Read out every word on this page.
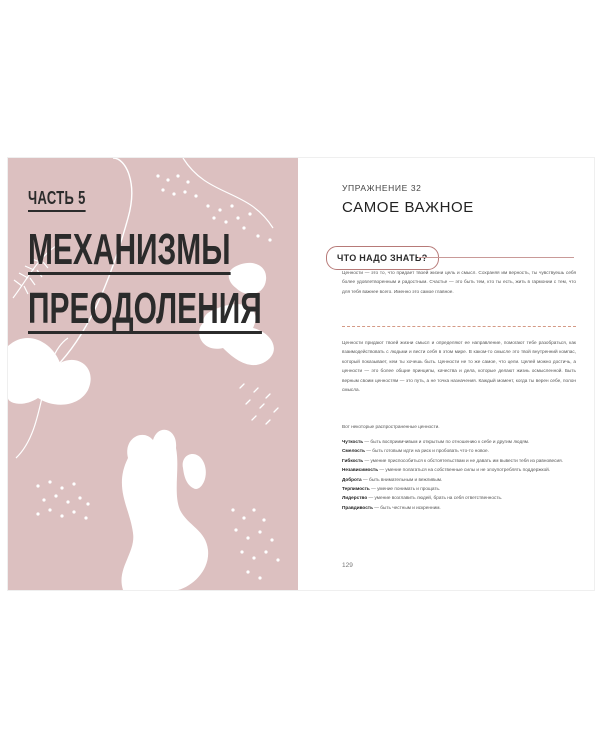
ЧАСТЬ 5
МЕХАНИЗМЫ
ПРЕОДОЛЕНИЯ
УПРАЖНЕНИЕ 32
САМОЕ ВАЖНОЕ
ЧТО НАДО ЗНАТЬ?

Ценности — это то, что придает твоей жизни цель и смысл. Сохраняя им верность, ты чувствуешь себя более удовлетворенным и радостным. Счастье — это быть тем, кто ты есть, жить в гармонии с тем, что для тебя важнее всего. Именно это самое главное.

Ценности придают твоей жизни смысл и определяют ее направление, помогают тебе разобраться, как взаимодействовать с людьми и вести себя в этом мире. В каком-то смысле это твой внутренний компас, который показывает, кем ты хочешь быть. Ценности не то же самое, что цели. Целей можно достичь, а ценности — это более общие принципы, качества и дела, которые делают жизнь осмысленной. Быть верным своим ценностям — это путь, а не точка назначения. Каждый момент, когда ты верен себе, полон смысла.

Вот некоторые распространенные ценности.

Чуткость — быть восприимчивым и открытым по отношению к себе и другим людям.
Смелость — быть готовым идти на риск и пробовать что-то новое.
Гибкость — умение приспособиться к обстоятельствам и не давать им вывести тебя из равновесия.
Независимость — умение полагаться на собственные силы и не злоупотреблять поддержкой.
Доброта — быть внимательным и вежливым.
Терпимость — умение понимать и прощать.
Лидерство — умение возглавить людей, брать на себя ответственность.
Правдивость — быть честным и искренним.
129
